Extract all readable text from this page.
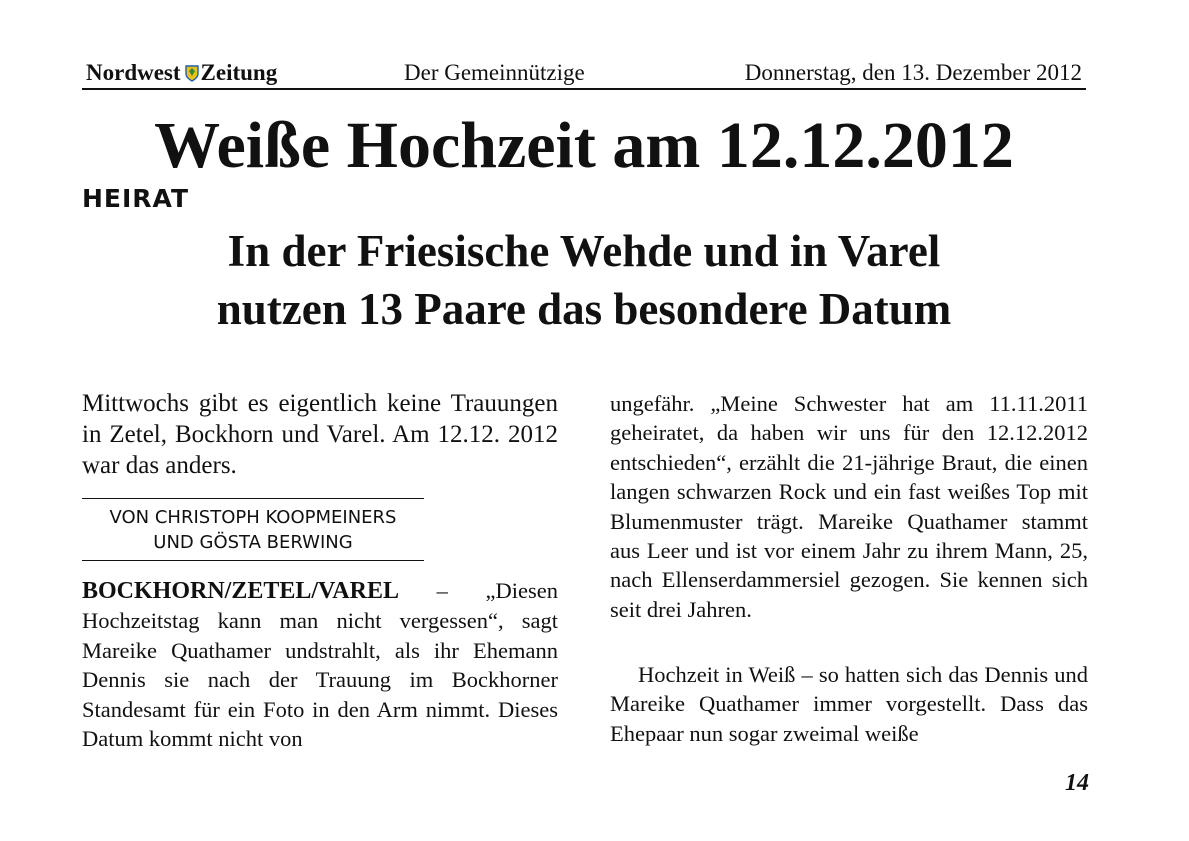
Nordwest Zeitung	Der Gemeinnützige	Donnerstag, den 13. Dezember 2012
Weiße Hochzeit am 12.12.2012
HEIRAT
In der Friesische Wehde und in Varel
nutzen 13 Paare das besondere Datum
Mittwochs gibt es eigentlich keine Trauungen in Zetel, Bockhorn und Varel. Am 12.12. 2012 war das anders.
VON CHRISTOPH KOOPMEINERS
UND GÖSTA BERWING
BOCKHORN/ZETEL/VAREL – „Diesen Hochzeitstag kann man nicht vergessen“, sagt Mareike Quathamer undstrahlt, als ihr Ehemann Dennis sie nach der Trauung im Bockhorner Standesamt für ein Foto in den Arm nimmt. Dieses Datum kommt nicht von
ungefähr. „Meine Schwester hat am 11.11.2011 geheiratet, da haben wir uns für den 12.12.2012 entschieden“, erzählt die 21-jährige Braut, die einen langen schwarzen Rock und ein fast weißes Top mit Blumenmuster trägt. Mareike Quathamer stammt aus Leer und ist vor einem Jahr zu ihrem Mann, 25, nach Ellenserdammersiel gezogen. Sie kennen sich seit drei Jahren.
Hochzeit in Weiß – so hatten sich das Dennis und Mareike Quathamer immer vorgestellt. Dass das Ehepaar nun sogar zweimal weiße
14
